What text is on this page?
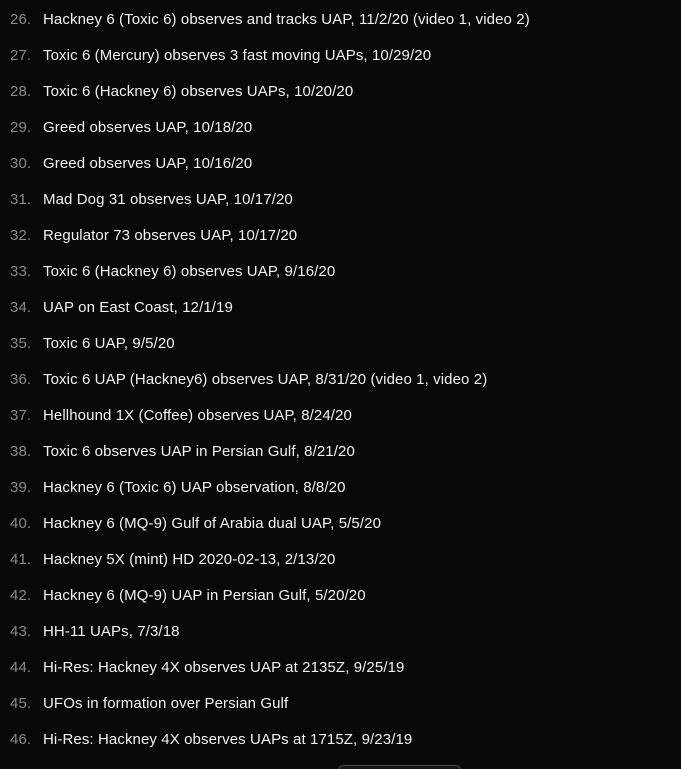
26. Hackney 6 (Toxic 6) observes and tracks UAP, 11/2/20 (video 1, video 2)
27. Toxic 6 (Mercury) observes 3 fast moving UAPs, 10/29/20
28. Toxic 6 (Hackney 6) observes UAPs, 10/20/20
29. Greed observes UAP, 10/18/20
30. Greed observes UAP, 10/16/20
31. Mad Dog 31 observes UAP, 10/17/20
32. Regulator 73 observes UAP, 10/17/20
33. Toxic 6 (Hackney 6) observes UAP, 9/16/20
34. UAP on East Coast, 12/1/19
35. Toxic 6 UAP, 9/5/20
36. Toxic 6 UAP (Hackney6) observes UAP, 8/31/20 (video 1, video 2)
37. Hellhound 1X (Coffee) observes UAP, 8/24/20
38. Toxic 6 observes UAP in Persian Gulf, 8/21/20
39. Hackney 6 (Toxic 6) UAP observation, 8/8/20
40. Hackney 6 (MQ-9) Gulf of Arabia dual UAP, 5/5/20
41. Hackney 5X (mint) HD 2020-02-13, 2/13/20
42. Hackney 6 (MQ-9) UAP in Persian Gulf, 5/20/20
43. HH-11 UAPs, 7/3/18
44. Hi-Res: Hackney 4X observes UAP at 2135Z, 9/25/19
45. UFOs in formation over Persian Gulf
46. Hi-Res: Hackney 4X observes UAPs at 1715Z, 9/23/19
